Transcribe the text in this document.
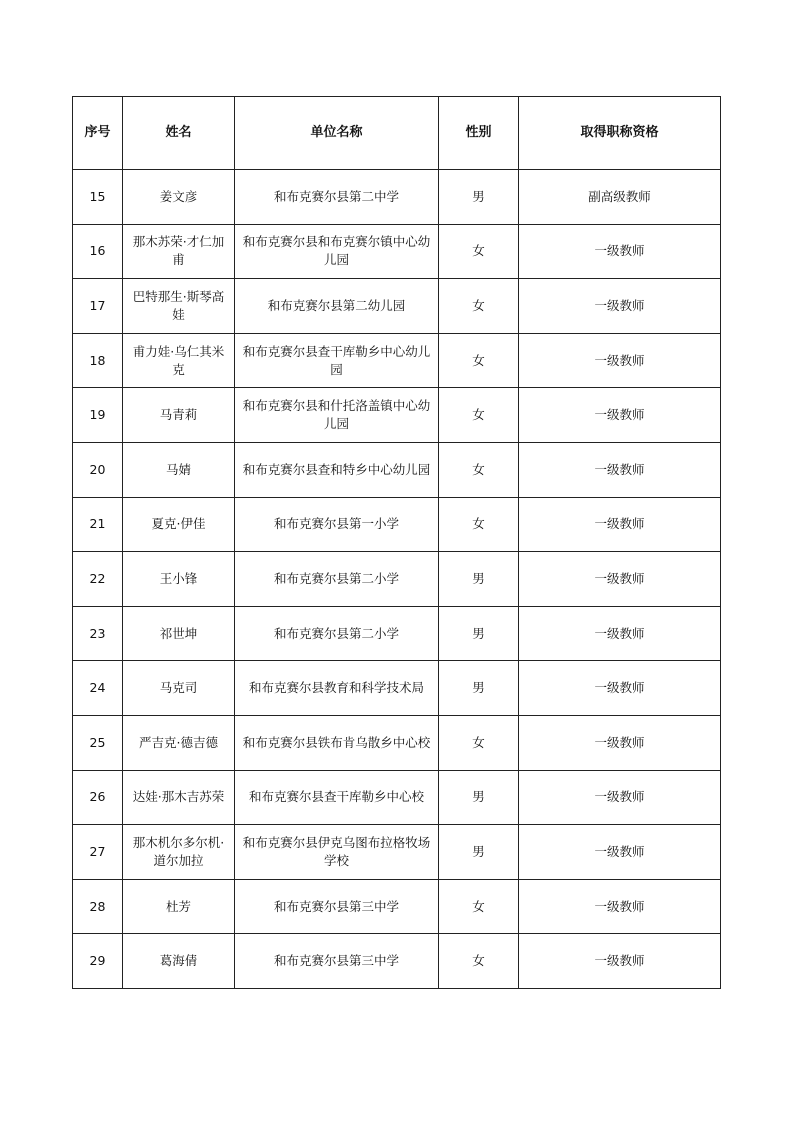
序号	姓名	单位名称	性别	取得职称资格
15	姜文彦	和布克赛尔县第二中学	男	副高级教师
16	那木苏荣·才仁加甫	和布克赛尔县和布克赛尔镇中心幼儿园	女	一级教师
17	巴特那生·斯琴高娃	和布克赛尔县第二幼儿园	女	一级教师
18	甫力娃·乌仁其米克	和布克赛尔县查干库勒乡中心幼儿园	女	一级教师
19	马青莉	和布克赛尔县和什托洛盖镇中心幼儿园	女	一级教师
20	马婧	和布克赛尔县查和特乡中心幼儿园	女	一级教师
21	夏克·伊佳	和布克赛尔县第一小学	女	一级教师
22	王小锋	和布克赛尔县第二小学	男	一级教师
23	祁世坤	和布克赛尔县第二小学	男	一级教师
24	马克司	和布克赛尔县教育和科学技术局	男	一级教师
25	严吉克·德吉德	和布克赛尔县铁布肯乌散乡中心校	女	一级教师
26	达娃·那木吉苏荣	和布克赛尔县查干库勒乡中心校	男	一级教师
27	那木机尔多尔机·道尔加拉	和布克赛尔县伊克乌图布拉格牧场学校	男	一级教师
28	杜芳	和布克赛尔县第三中学	女	一级教师
29	葛海倩	和布克赛尔县第三中学	女	一级教师
